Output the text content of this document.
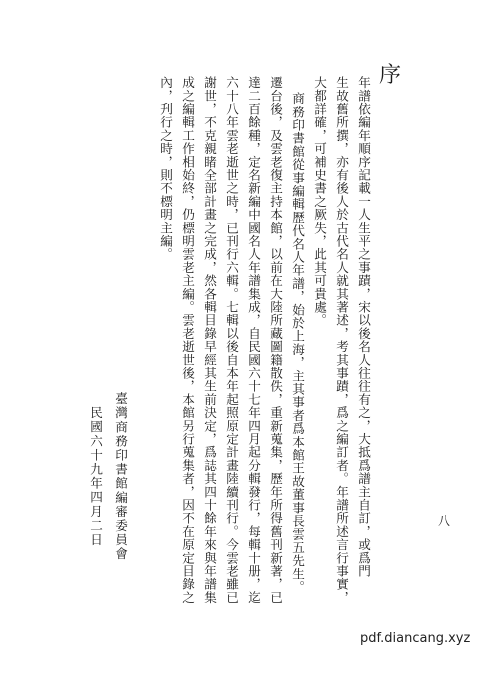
序
年譜依編年順序記載一人生平之事蹟，宋以後名人往往有之，大抵爲譜主自訂，或爲門
生故舊所撰，亦有後人於古代名人就其著述，考其事蹟，爲之編訂者。年譜所述言行事實，
大都詳確，可補史書之厥失，此其可貴處。
商務印書館從事編輯歷代名人年譜，始於上海，主其事者爲本館王故董事長雲五先生。
遷台後，及雲老復主持本館，以前在大陸所藏圖籍散佚，重新蒐集，歷年所得舊刊新著，已
達二百餘種，定名新編中國名人年譜集成，自民國六十七年四月起分輯發行，每輯十册，迄
六十八年雲老逝世之時，已刊行六輯。七輯以後自本年起照原定計畫陸續刊行。今雲老雖已
謝世，不克親睹全部計畫之完成，然各輯目錄早經其生前決定，爲誌其四十餘年來與年譜集
成之編輯工作相始終，仍標明雲老主編。雲老逝世後，本館另行蒐集者，因不在原定目錄之
內，刋行之時，則不標明主編。
臺灣商務印書館編審委員會
民國六十九年四月二日	八
pdf.diancang.xyz
